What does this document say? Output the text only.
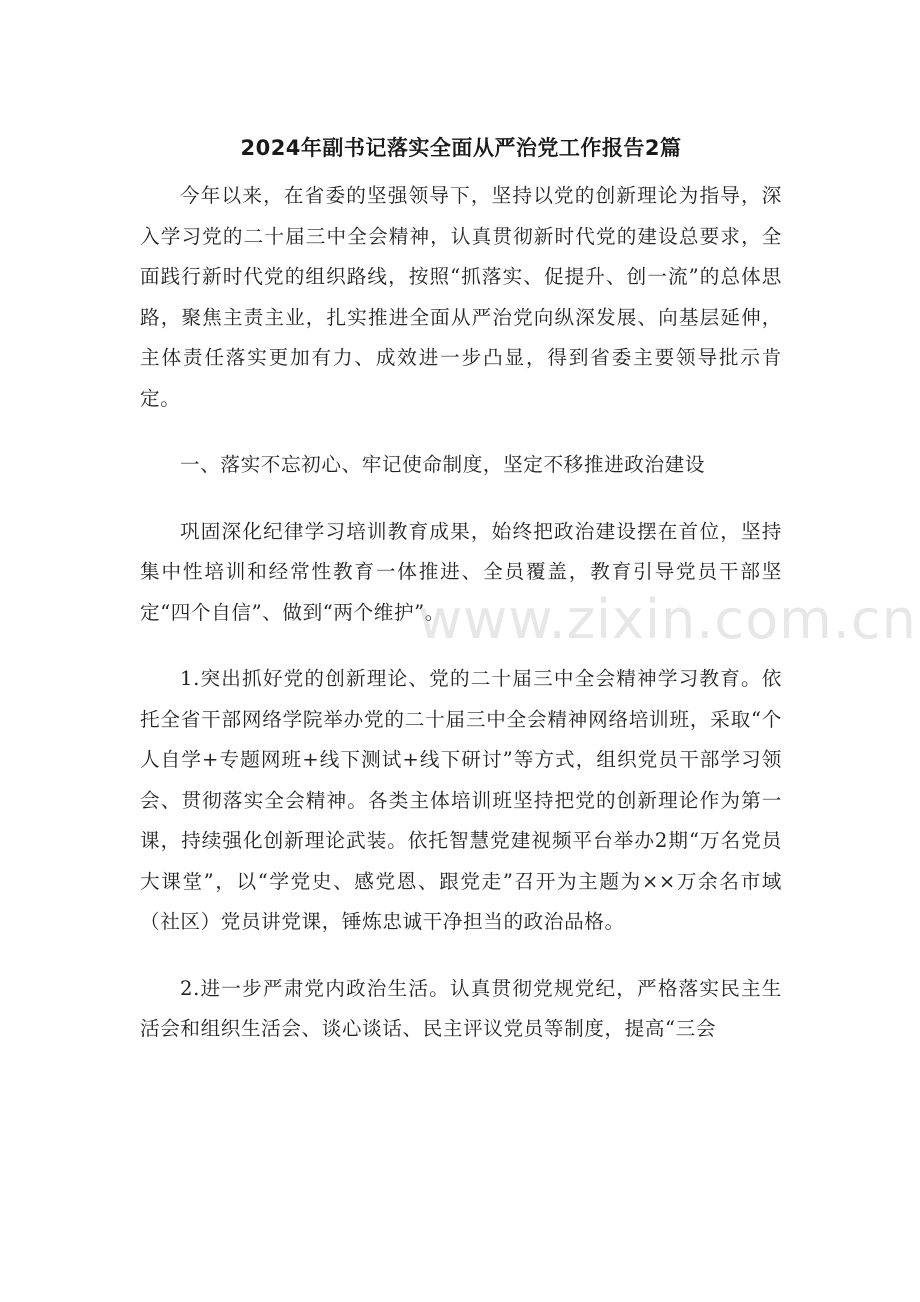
2024年副书记落实全面从严治党工作报告2篇

今年以来，在省委的坚强领导下，坚持以党的创新理论为指导，深入学习党的二十届三中全会精神，认真贯彻新时代党的建设总要求，全面践行新时代党的组织路线，按照“抓落实、促提升、创一流”的总体思路，聚焦主责主业，扎实推进全面从严治党向纵深发展、向基层延伸，主体责任落实更加有力、成效进一步凸显，得到省委主要领导批示肯定。

一、落实不忘初心、牢记使命制度，坚定不移推进政治建设

巩固深化纪律学习培训教育成果，始终把政治建设摆在首位，坚持集中性培训和经常性教育一体推进、全员覆盖，教育引导党员干部坚定“四个自信”、做到“两个维护”。

1.突出抓好党的创新理论、党的二十届三中全会精神学习教育。依托全省干部网络学院举办党的二十届三中全会精神网络培训班，采取“个人自学+专题网班+线下测试+线下研讨”等方式，组织党员干部学习领会、贯彻落实全会精神。各类主体培训班坚持把党的创新理论作为第一课，持续强化创新理论武装。依托智慧党建视频平台举办2期“万名党员大课堂”，以“学党史、感党恩、跟党走”召开为主题为××万余名市域（社区）党员讲党课，锤炼忠诚干净担当的政治品格。

2.进一步严肃党内政治生活。认真贯彻党规党纪，严格落实民主生活会和组织生活会、谈心谈话、民主评议党员等制度，提高“三会

www.zixin.com.cn
